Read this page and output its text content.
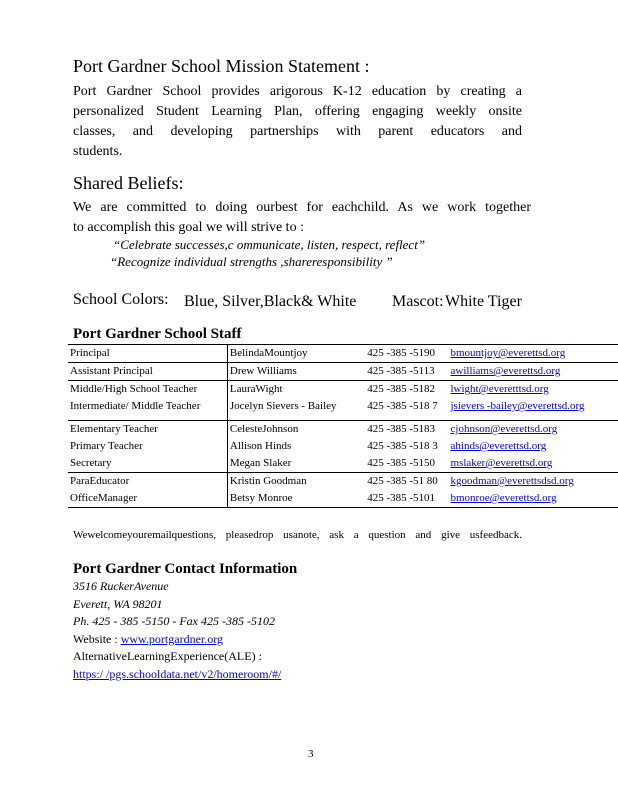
Port Gardner School Mission Statement :
Port Gardner School provides arigorous K-12 education by creating a
personalized Student Learning Plan, offering engaging weekly onsite
classes, and developing partnerships with parent educators and
students.
Shared Beliefs:
We are committed to doing ourbest for eachchild. As we work together
to accomplish this goal we will strive to :
“Celebrate successes,c ommunicate, listen, respect, reflect”
“Recognize individual strengths ,shareresponsibility ”
School Colors: Blue, Silver,Black& White Mascot: White Tiger
Port Gardner School Staff
Principal	BelindaMountjoy	425 -385 -5190	bmountjoy@everettsd.org
Assistant Principal	Drew Williams	425 -385 -5113	awilliams@everettsd.org
Middle/High School Teacher	LauraWight	425 -385 -5182	lwight@everetttsd.org
Intermediate/ Middle Teacher	Jocelyn Sievers - Bailey	425 -385 -518 7	jsievers -bailey@everettsd.org
Elementary Teacher	CelesteJohnson	425 -385 -5183	cjohnson@everettsd.org
Primary Teacher	Allison Hinds	425 -385 -518 3	ahinds@everettsd.org
Secretary	Megan Slaker	425 -385 -5150	mslaker@everettsd.org
ParaEducator	Kristin Goodman	425 -385 -51 80	kgoodman@everettsdsd.org
OfficeManager	Betsy Monroe	425 -385 -5101	bmonroe@everettsd.org
Wewelcomeyouremailquestions, pleasedrop usanote, ask a question and give usfeedback.
Port Gardner Contact Information
3516 RuckerAvenue
Everett, WA 98201
Ph. 425 - 385 -5150 - Fax 425 -385 -5102
Website : www.portgardner.org
AlternativeLearningExperience(ALE) :
https:/ /pgs.schooldata.net/v2/homeroom/#/
3
